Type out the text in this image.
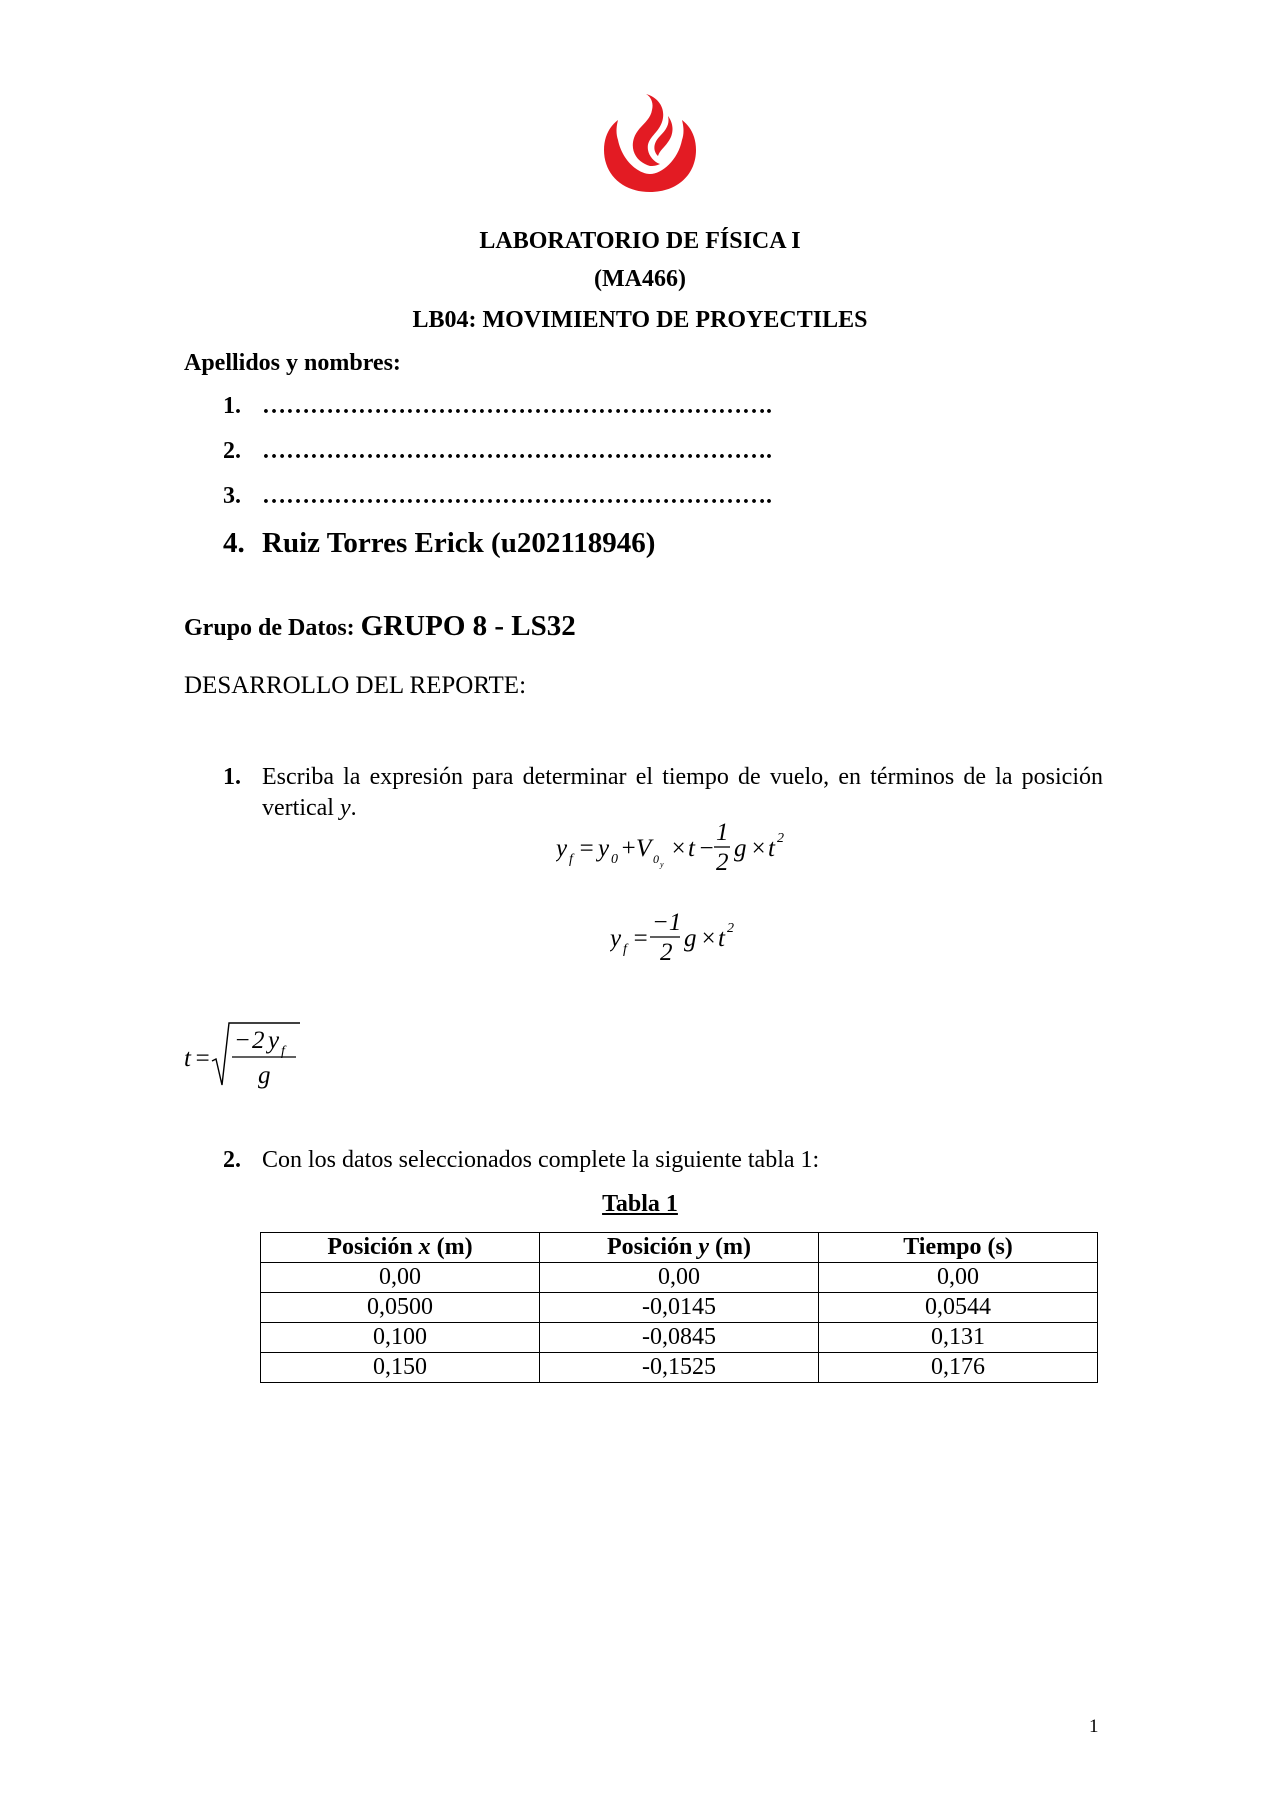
LABORATORIO DE FÍSICA I
(MA466)
LB04: MOVIMIENTO DE PROYECTILES
Apellidos y nombres:
1. ……………………………………………………….
2. ……………………………………………………….
3. ……………………………………………………….
4. Ruiz Torres Erick (u202118946)
Grupo de Datos: GRUPO 8 - LS32
DESARROLLO DEL REPORTE:
1. Escriba la expresión para determinar el tiempo de vuelo, en términos de la posición vertical y.
y f = y 0 + V 0 y
× t −
1
2
g × t 2
y f =
−1
2
g × t 2
t =
− 2 y f
g
2. Con los datos seleccionados complete la siguiente tabla 1:
Tabla 1
Posición x (m)	Posición y (m)	Tiempo (s)
0,00	0,00	0,00
0,0500	-0,0145	0,0544
0,100	-0,0845	0,131
0,150	-0,1525	0,176
1
